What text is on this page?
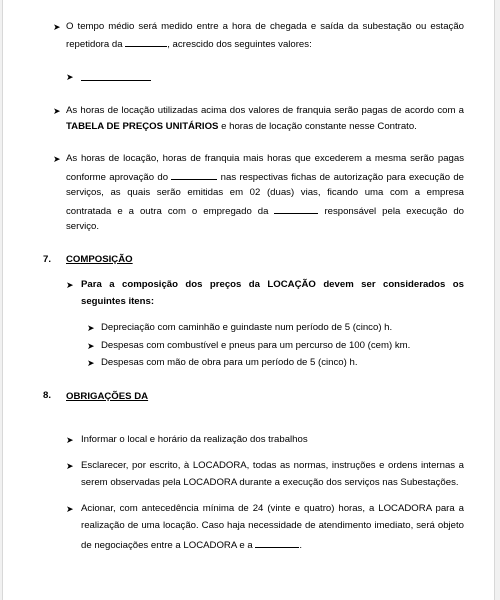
➤ O tempo médio será medido entre a hora de chegada e saída da subestação ou estação
repetidora da	, acrescido dos seguintes valores:
➤
➤ As horas de locação utilizadas acima dos valores de franquia serão pagas de acordo com a
TABELA DE PREÇOS UNITÁRIOS e horas de locação constante nesse Contrato.
➤ As horas de locação, horas de franquia mais horas que excederem a mesma serão pagas
conforme aprovação do	nas respectivas fichas de autorização para execução de
serviços, as quais serão emitidas em 02 (duas) vias, ficando uma com a empresa
contratada e a outra com o empregado da	responsável pela execução do
serviço.
7. COMPOSIÇÃO
➤ Para a composição dos preços da LOCAÇÃO devem ser considerados os
seguintes itens:
➤ Depreciação com caminhão e guindaste num período de 5 (cinco) h.
➤ Despesas com combustível e pneus para um percurso de 100 (cem) km.
➤ Despesas com mão de obra para um período de 5 (cinco) h.
8. OBRIGAÇÕES DA
➤ Informar o local e horário da realização dos trabalhos
➤ Esclarecer, por escrito, à LOCADORA, todas as normas, instruções e ordens internas a
serem observadas pela LOCADORA durante a execução dos serviços nas Subestações.
➤ Acionar, com antecedência mínima de 24 (vinte e quatro) horas, a LOCADORA para a
realização de uma locação. Caso haja necessidade de atendimento imediato, será objeto
de negociações entre a LOCADORA e a	.
